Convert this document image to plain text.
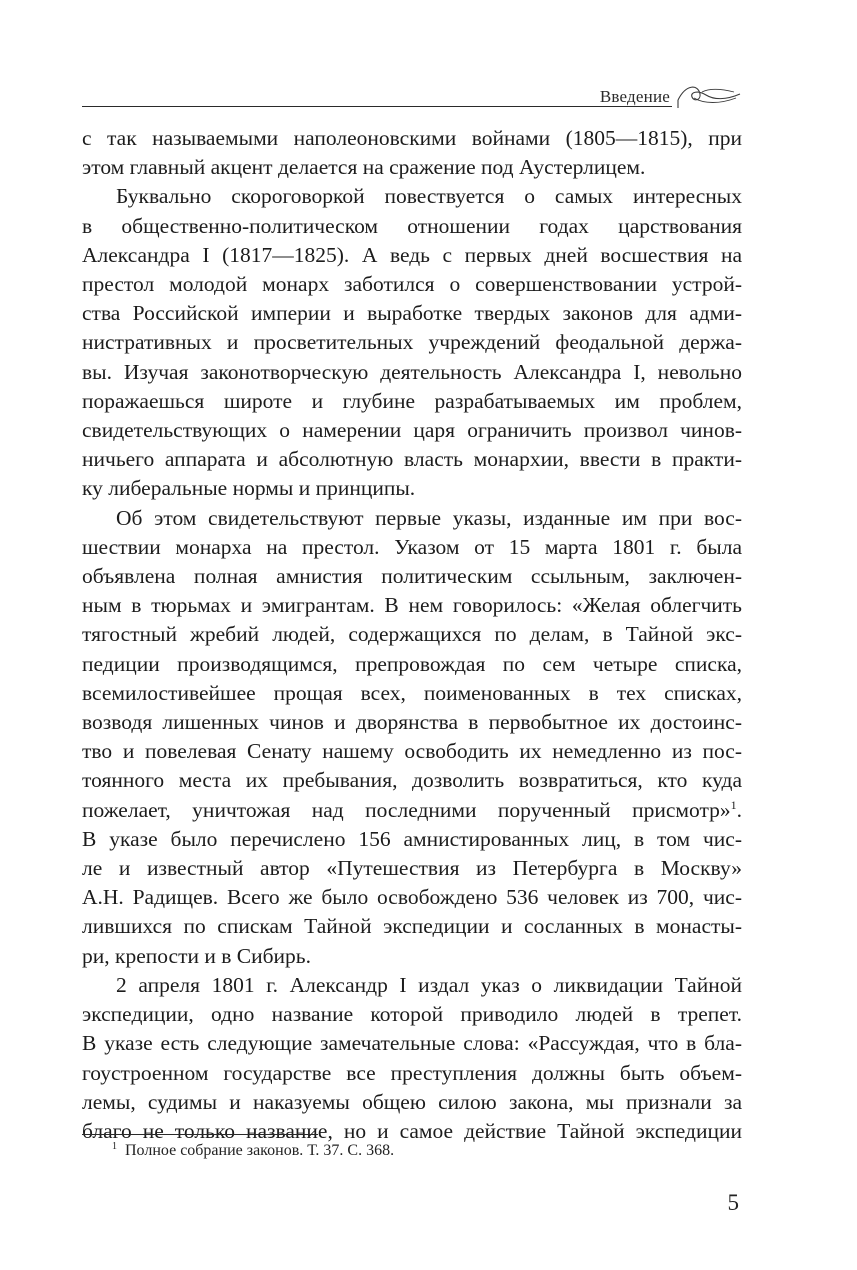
Введение

с так называемыми наполеоновскими войнами (1805—1815), при
этом главный акцент делается на сражение под Аустерлицем.

Буквально скороговоркой повествуется о самых интересных
в общественно-политическом отношении годах царствования
Александра I (1817—1825). А ведь с первых дней восшествия на
престол молодой монарх заботился о совершенствовании устрой-
ства Российской империи и выработке твердых законов для адми-
нистративных и просветительных учреждений феодальной держа-
вы. Изучая законотворческую деятельность Александра I, невольно
поражаешься широте и глубине разрабатываемых им проблем,
свидетельствующих о намерении царя ограничить произвол чинов-
ничьего аппарата и абсолютную власть монархии, ввести в практи-
ку либеральные нормы и принципы.

Об этом свидетельствуют первые указы, изданные им при вос-
шествии монарха на престол. Указом от 15 марта 1801 г. была
объявлена полная амнистия политическим ссыльным, заключен-
ным в тюрьмах и эмигрантам. В нем говорилось: «Желая облегчить
тягостный жребий людей, содержащихся по делам, в Тайной экс-
педиции производящимся, препровождая по сем четыре списка,
всемилостивейшее прощая всех, поименованных в тех списках,
возводя лишенных чинов и дворянства в первобытное их достоинс-
тво и повелевая Сенату нашему освободить их немедленно из пос-
тоянного места их пребывания, дозволить возвратиться, кто куда
пожелает, уничтожая над последними порученный присмотр»$^1$.
В указе было перечислено 156 амнистированных лиц, в том чис-
ле и известный автор «Путешествия из Петербурга в Москву»
А.Н. Радищев. Всего же было освобождено 536 человек из 700, чис-
лившихся по спискам Тайной экспедиции и сосланных в монасты-
ри, крепости и в Сибирь.

2 апреля 1801 г. Александр I издал указ о ликвидации Тайной
экспедиции, одно название которой приводило людей в трепет.
В указе есть следующие замечательные слова: «Рассуждая, что в бла-
гоустроенном государстве все преступления должны быть объем-
лемы, судимы и наказуемы общею силою закона, мы признали за
благо не только название, но и самое действие Тайной экспедиции

$^1$ Полное собрание законов. Т. 37. С. 368.
5
